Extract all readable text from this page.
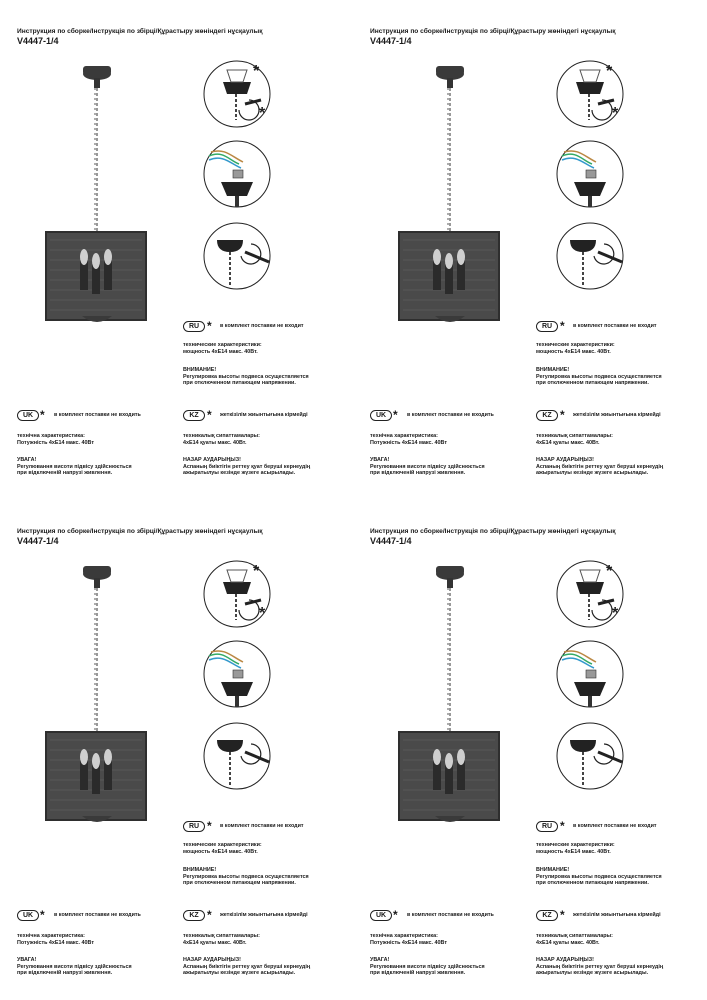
Инструкция по сборке/Інструкція по збірці/Құрастыру жөніндегі нұсқаулық
V4447-1/4
*
*
RU * в комплект поставки не входит
технические характеристики:
мощность 4хЕ14 макс. 40Вт.
ВНИМАНИЕ!
Регулировка высоты подвеса осуществляется
при отключенном питающем напряжении.
UK * в комплект поставки не входить
технічна характеристика:
Потужність 4хЕ14 макс. 40Вт
УВАГА!
Регулювання висоти підвісу здійснюється
при відключеній напрузі живлення.
KZ * жеткізілім жиынтығына кірмейді
техникалық сипаттамалары:
4хЕ14 қуаты макс. 40Вт.
НАЗАР АУДАРЫҢЫЗ!
Аспаның биіктігін реттеу қуат беруші кернеудің
ажыратылуы кезінде жүзеге асырылады.
Инструкция по сборке/Інструкція по збірці/Құрастыру жөніндегі нұсқаулық
V4447-1/4
*
*
RU * в комплект поставки не входит
технические характеристики:
мощность 4хЕ14 макс. 40Вт.
ВНИМАНИЕ!
Регулировка высоты подвеса осуществляется
при отключенном питающем напряжении.
UK * в комплект поставки не входить
технічна характеристика:
Потужність 4хЕ14 макс. 40Вт
УВАГА!
Регулювання висоти підвісу здійснюється
при відключеній напрузі живлення.
KZ * жеткізілім жиынтығына кірмейді
техникалық сипаттамалары:
4хЕ14 қуаты макс. 40Вт.
НАЗАР АУДАРЫҢЫЗ!
Аспаның биіктігін реттеу қуат беруші кернеудің
ажыратылуы кезінде жүзеге асырылады.
Инструкция по сборке/Інструкція по збірці/Құрастыру жөніндегі нұсқаулық
V4447-1/4
*
*
RU * в комплект поставки не входит
технические характеристики:
мощность 4хЕ14 макс. 40Вт.
ВНИМАНИЕ!
Регулировка высоты подвеса осуществляется
при отключенном питающем напряжении.
UK * в комплект поставки не входить
технічна характеристика:
Потужність 4хЕ14 макс. 40Вт
УВАГА!
Регулювання висоти підвісу здійснюється
при відключеній напрузі живлення.
KZ * жеткізілім жиынтығына кірмейді
техникалық сипаттамалары:
4хЕ14 қуаты макс. 40Вт.
НАЗАР АУДАРЫҢЫЗ!
Аспаның биіктігін реттеу қуат беруші кернеудің
ажыратылуы кезінде жүзеге асырылады.
Инструкция по сборке/Інструкція по збірці/Құрастыру жөніндегі нұсқаулық
V4447-1/4
*
*
RU * в комплект поставки не входит
технические характеристики:
мощность 4хЕ14 макс. 40Вт.
ВНИМАНИЕ!
Регулировка высоты подвеса осуществляется
при отключенном питающем напряжении.
UK * в комплект поставки не входить
технічна характеристика:
Потужність 4хЕ14 макс. 40Вт
УВАГА!
Регулювання висоти підвісу здійснюється
при відключеній напрузі живлення.
KZ * жеткізілім жиынтығына кірмейді
техникалық сипаттамалары:
4хЕ14 қуаты макс. 40Вт.
НАЗАР АУДАРЫҢЫЗ!
Аспаның биіктігін реттеу қуат беруші кернеудің
ажыратылуы кезінде жүзеге асырылады.
